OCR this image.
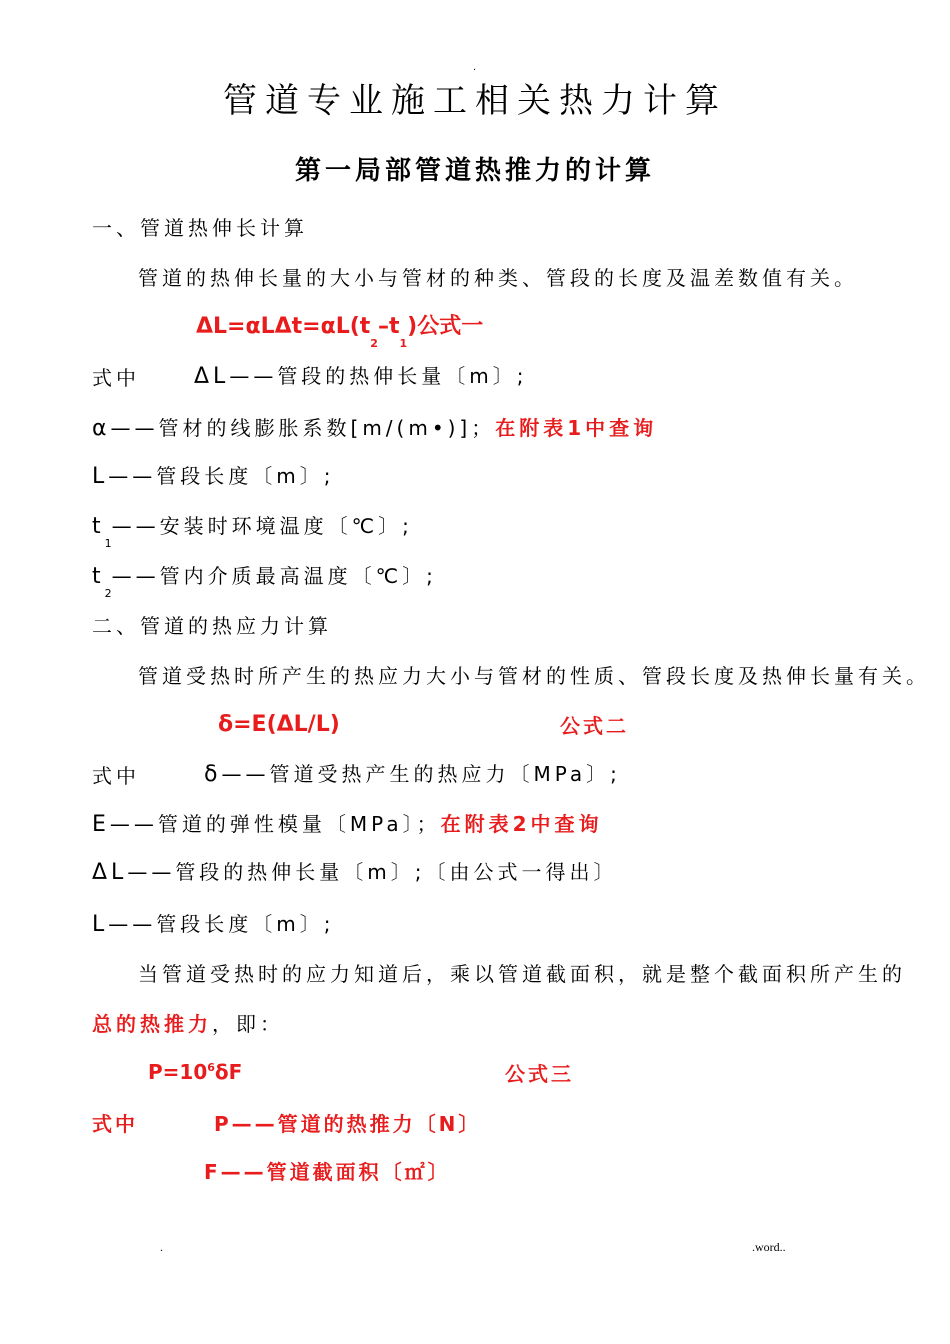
.
管道专业施工相关热力计算
第一局部管道热推力的计算
一、管道热伸长计算
管道的热伸长量的大小与管材的种类、管段的长度及温差数值有关。
$\Delta L=\alpha L\Delta t=\alpha L(t_2-t_1)$公式一
式中 ΔL——管段的热伸长量〔m〕;
α——管材的线膨胀系数[m/(m•)]；在附表1中查询
L——管段长度〔m〕;
$t_1——$安装时环境温度〔℃〕;
$t_2——$管内介质最高温度〔℃〕;
二、管道的热应力计算
管道受热时所产生的热应力大小与管材的性质、管段长度及热伸长量有关。
δ=E(ΔL/L)	公式二
式中	δ——管道受热产生的热应力〔MPa〕;
E——管道的弹性模量〔MPa〕；在附表2中查询
ΔL——管段的热伸长量〔m〕;〔由公式一得出〕
L——管段长度〔m〕;
当管道受热时的应力知道后，乘以管道截面积，就是整个截面积所产生的
总的热推力，即：
$P=10^6\delta F$	公式三
式中	P——管道的热推力〔N〕
F——管道截面积〔㎡〕
.	.word..
